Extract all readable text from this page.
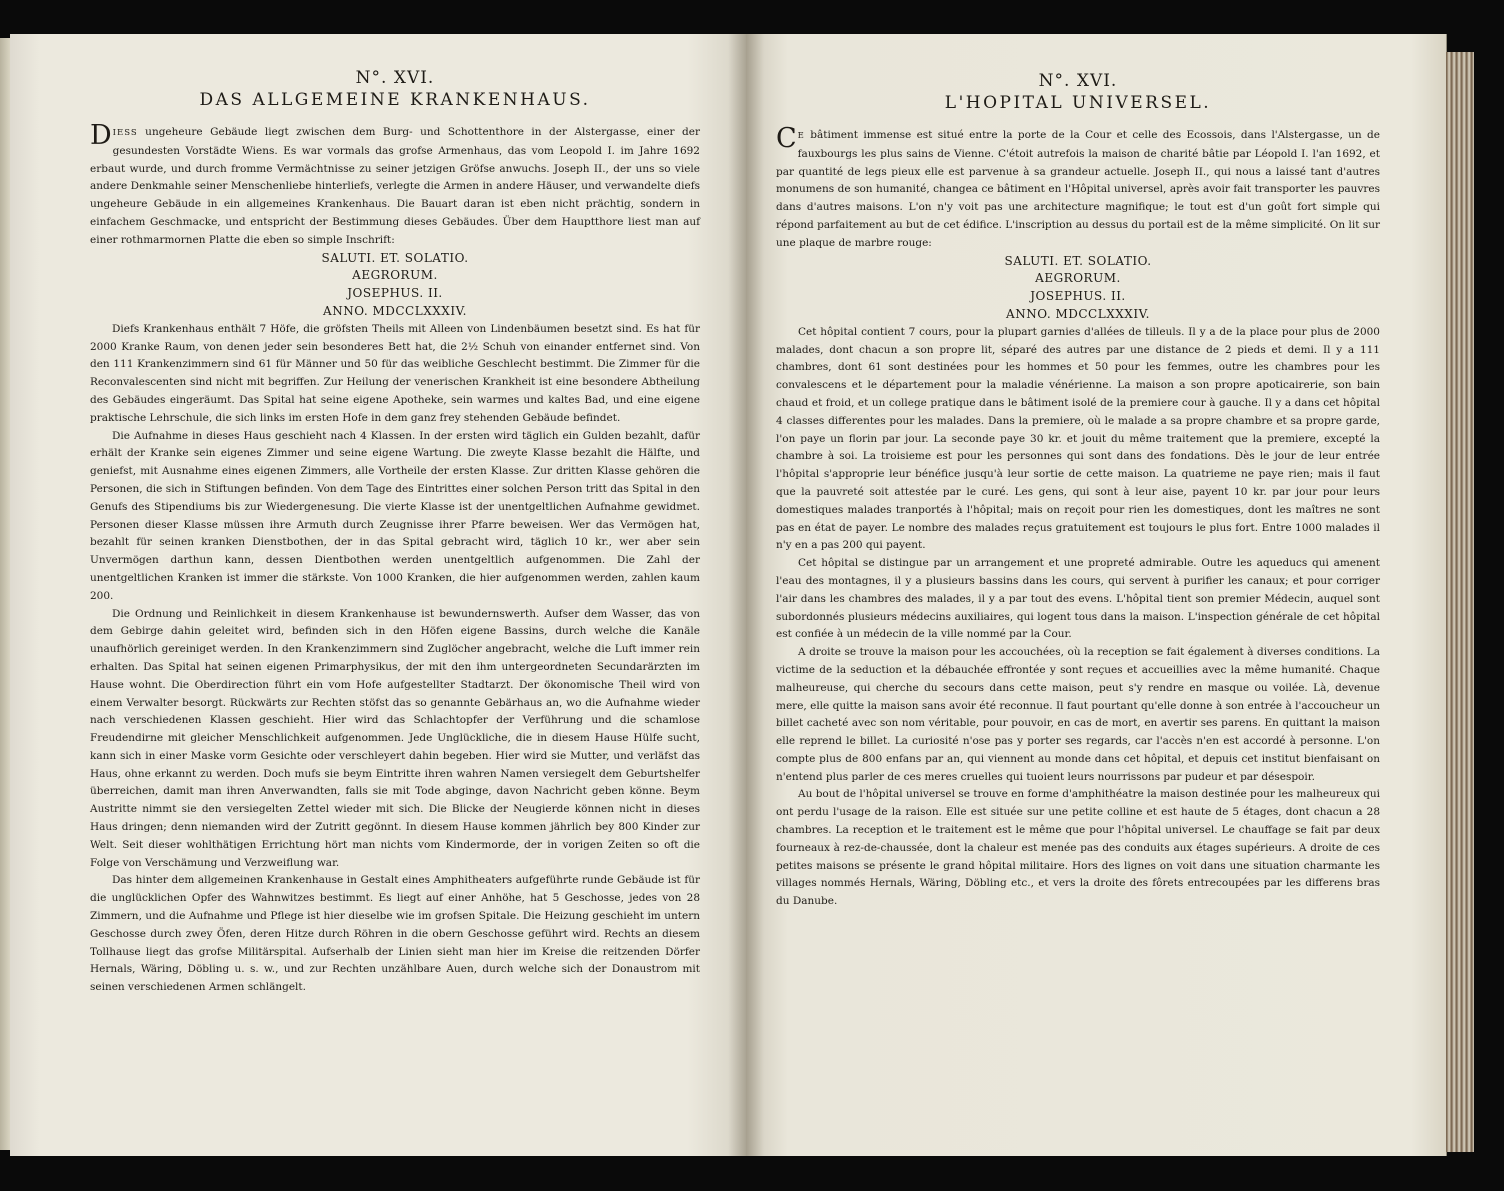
N°. XVI.
DAS ALLGEMEINE KRANKENHAUS.

DIESS ungeheure Gebäude liegt zwischen dem Burg- und Schottenthore in der Alstergasse, einer der gesundesten Vorstädte Wiens. Es war vormals das grofse Armenhaus, das vom Leopold I. im Jahre 1692 erbaut wurde, und durch fromme Vermächtnisse zu seiner jetzigen Gröfse anwuchs. Joseph II., der uns so viele andere Denkmahle seiner Menschenliebe hinterliefs, verlegte die Armen in andere Häuser, und verwandelte diefs ungeheure Gebäude in ein allgemeines Krankenhaus. Die Bauart daran ist eben nicht prächtig, sondern in einfachem Geschmacke, und entspricht der Bestimmung dieses Gebäudes. Über dem Hauptthore liest man auf einer rothmarmornen Platte die eben so simple Inschrift:

SALUTI. ET. SOLATIO.
AEGRORUM.
JOSEPHUS. II.
ANNO. MDCCLXXXIV.

Diefs Krankenhaus enthält 7 Höfe, die gröfsten Theils mit Alleen von Lindenbäumen besetzt sind. Es hat für 2000 Kranke Raum, von denen jeder sein besonderes Bett hat, die 2½ Schuh von einander entfernet sind. Von den 111 Krankenzimmern sind 61 für Männer und 50 für das weibliche Geschlecht bestimmt. Die Zimmer für die Reconvalescenten sind nicht mit begriffen. Zur Heilung der venerischen Krankheit ist eine besondere Abtheilung des Gebäudes eingeräumt. Das Spital hat seine eigene Apotheke, sein warmes und kaltes Bad, und eine eigene praktische Lehrschule, die sich links im ersten Hofe in dem ganz frey stehenden Gebäude befindet.

Die Aufnahme in dieses Haus geschieht nach 4 Klassen. In der ersten wird täglich ein Gulden bezahlt, dafür erhält der Kranke sein eigenes Zimmer und seine eigene Wartung. Die zweyte Klasse bezahlt die Hälfte, und geniefst, mit Ausnahme eines eigenen Zimmers, alle Vortheile der ersten Klasse. Zur dritten Klasse gehören die Personen, die sich in Stiftungen befinden. Von dem Tage des Eintrittes einer solchen Person tritt das Spital in den Genufs des Stipendiums bis zur Wiedergenesung. Die vierte Klasse ist der unentgeltlichen Aufnahme gewidmet. Personen dieser Klasse müssen ihre Armuth durch Zeugnisse ihrer Pfarre beweisen. Wer das Vermögen hat, bezahlt für seinen kranken Dienstbothen, der in das Spital gebracht wird, täglich 10 kr., wer aber sein Unvermögen darthun kann, dessen Dientbothen werden unentgeltlich aufgenommen. Die Zahl der unentgeltlichen Kranken ist immer die stärkste. Von 1000 Kranken, die hier aufgenommen werden, zahlen kaum 200.

Die Ordnung und Reinlichkeit in diesem Krankenhause ist bewundernswerth. Aufser dem Wasser, das von dem Gebirge dahin geleitet wird, befinden sich in den Höfen eigene Bassins, durch welche die Kanäle unaufhörlich gereiniget werden. In den Krankenzimmern sind Zuglöcher angebracht, welche die Luft immer rein erhalten. Das Spital hat seinen eigenen Primarphysikus, der mit den ihm untergeordneten Secundarärzten im Hause wohnt. Die Oberdirection führt ein vom Hofe aufgestellter Stadtarzt. Der ökonomische Theil wird von einem Verwalter besorgt. Rückwärts zur Rechten stöfst das so genannte Gebärhaus an, wo die Aufnahme wieder nach verschiedenen Klassen geschieht. Hier wird das Schlachtopfer der Verführung und die schamlose Freudendirne mit gleicher Menschlichkeit aufgenommen. Jede Unglückliche, die in diesem Hause Hülfe sucht, kann sich in einer Maske vorm Gesichte oder verschleyert dahin begeben. Hier wird sie Mutter, und verläfst das Haus, ohne erkannt zu werden. Doch mufs sie beym Eintritte ihren wahren Namen versiegelt dem Geburtshelfer überreichen, damit man ihren Anverwandten, falls sie mit Tode abginge, davon Nachricht geben könne. Beym Austritte nimmt sie den versiegelten Zettel wieder mit sich. Die Blicke der Neugierde können nicht in dieses Haus dringen; denn niemanden wird der Zutritt gegönnt. In diesem Hause kommen jährlich bey 800 Kinder zur Welt. Seit dieser wohlthätigen Errichtung hört man nichts vom Kindermorde, der in vorigen Zeiten so oft die Folge von Verschämung und Verzweiflung war.

Das hinter dem allgemeinen Krankenhause in Gestalt eines Amphitheaters aufgeführte runde Gebäude ist für die unglücklichen Opfer des Wahnwitzes bestimmt. Es liegt auf einer Anhöhe, hat 5 Geschosse, jedes von 28 Zimmern, und die Aufnahme und Pflege ist hier dieselbe wie im grofsen Spitale. Die Heizung geschieht im untern Geschosse durch zwey Öfen, deren Hitze durch Röhren in die obern Geschosse geführt wird. Rechts an diesem Tollhause liegt das grofse Militärspital. Aufserhalb der Linien sieht man hier im Kreise die reitzenden Dörfer Hernals, Wäring, Döbling u. s. w., und zur Rechten unzählbare Auen, durch welche sich der Donaustrom mit seinen verschiedenen Armen schlängelt.

N°. XVI.
L'HOPITAL UNIVERSEL.

C E bâtiment immense est situé entre la porte de la Cour et celle des Ecossois, dans l'Alstergasse, un de fauxbourgs les plus sains de Vienne. C'étoit autrefois la maison de charité bâtie par Léopold I. l'an 1692, et par quantité de legs pieux elle est parvenue à sa grandeur actuelle. Joseph II., qui nous a laissé tant d'autres monumens de son humanité, changea ce bâtiment en l'Hôpital universel, après avoir fait transporter les pauvres dans d'autres maisons. L'on n'y voit pas une architecture magnifique; le tout est d'un goût fort simple qui répond parfaitement au but de cet édifice. L'inscription au dessus du portail est de la même simplicité. On lit sur une plaque de marbre rouge:

SALUTI. ET. SOLATIO.
AEGRORUM.
JOSEPHUS. II.
ANNO. MDCCLXXXIV.

Cet hôpital contient 7 cours, pour la plupart garnies d'allées de tilleuls. Il y a de la place pour plus de 2000 malades, dont chacun a son propre lit, séparé des autres par une distance de 2 pieds et demi. Il y a 111 chambres, dont 61 sont destinées pour les hommes et 50 pour les femmes, outre les chambres pour les convalescens et le département pour la maladie vénérienne. La maison a son propre apoticairerie, son bain chaud et froid, et un college pratique dans le bâtiment isolé de la premiere cour à gauche. Il y a dans cet hôpital 4 classes differentes pour les malades. Dans la premiere, où le malade a sa propre chambre et sa propre garde, l'on paye un florin par jour. La seconde paye 30 kr. et jouit du même traitement que la premiere, excepté la chambre à soi. La troisieme est pour les personnes qui sont dans des fondations. Dès le jour de leur entrée l'hôpital s'approprie leur bénéfice jusqu'à leur sortie de cette maison. La quatrieme ne paye rien; mais il faut que la pauvreté soit attestée par le curé. Les gens, qui sont à leur aise, payent 10 kr. par jour pour leurs domestiques malades tranportés à l'hôpital; mais on reçoit pour rien les domestiques, dont les maîtres ne sont pas en état de payer. Le nombre des malades reçus gratuitement est toujours le plus fort. Entre 1000 malades il n'y en a pas 200 qui payent.

Cet hôpital se distingue par un arrangement et une propreté admirable. Outre les aqueducs qui amenent l'eau des montagnes, il y a plusieurs bassins dans les cours, qui servent à purifier les canaux; et pour corriger l'air dans les chambres des malades, il y a par tout des evens. L'hôpital tient son premier Médecin, auquel sont subordonnés plusieurs médecins auxiliaires, qui logent tous dans la maison. L'inspection générale de cet hôpital est confiée à un médecin de la ville nommé par la Cour.

A droite se trouve la maison pour les accouchées, où la reception se fait également à diverses conditions. La victime de la seduction et la débauchée effrontée y sont reçues et accueillies avec la même humanité. Chaque malheureuse, qui cherche du secours dans cette maison, peut s'y rendre en masque ou voilée. Là, devenue mere, elle quitte la maison sans avoir été reconnue. Il faut pourtant qu'elle donne à son entrée à l'accoucheur un billet cacheté avec son nom véritable, pour pouvoir, en cas de mort, en avertir ses parens. En quittant la maison elle reprend le billet. La curiosité n'ose pas y porter ses regards, car l'accès n'en est accordé à personne. L'on compte plus de 800 enfans par an, qui viennent au monde dans cet hôpital, et depuis cet institut bienfaisant on n'entend plus parler de ces meres cruelles qui tuoient leurs nourrissons par pudeur et par désespoir.

Au bout de l'hôpital universel se trouve en forme d'amphithéatre la maison destinée pour les malheureux qui ont perdu l'usage de la raison. Elle est située sur une petite colline et est haute de 5 étages, dont chacun a 28 chambres. La reception et le traitement est le même que pour l'hôpital universel. Le chauffage se fait par deux fourneaux à rez-de-chaussée, dont la chaleur est menée pas des conduits aux étages supérieurs. A droite de ces petites maisons se présente le grand hôpital militaire. Hors des lignes on voit dans une situation charmante les villages nommés Hernals, Wäring, Döbling etc., et vers la droite des fôrets entrecoupées par les differens bras du Danube.
